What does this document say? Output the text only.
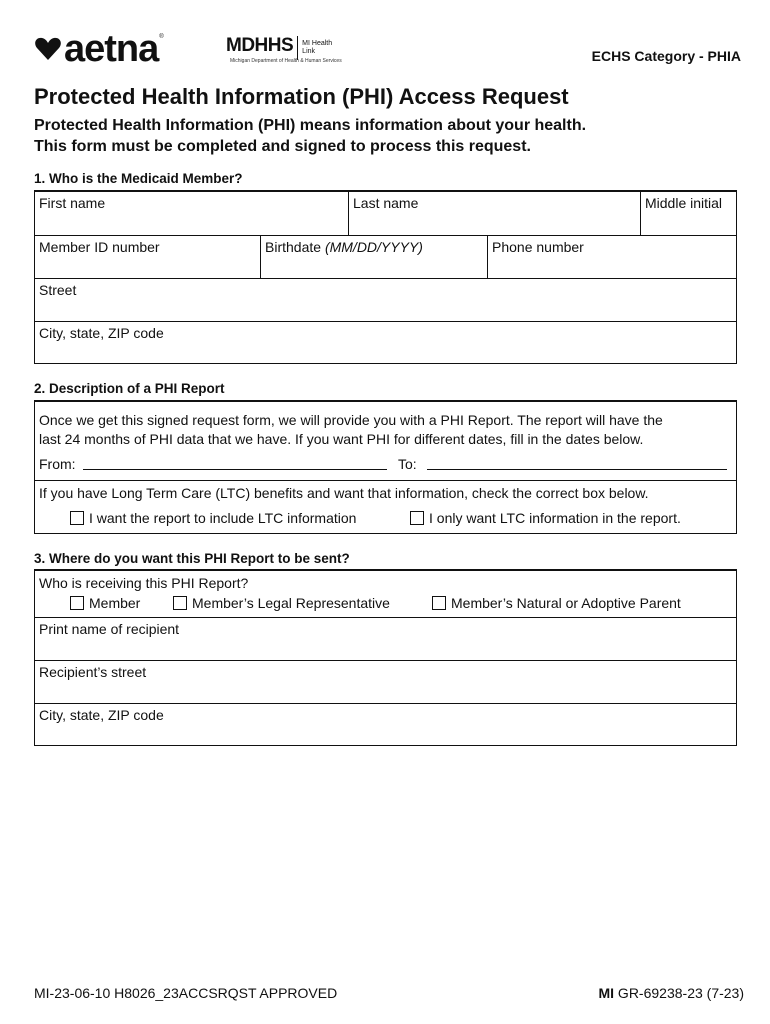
aetna ®	MDHHS
Michigan Department of Health & Human Services
MI Health Link	ECHS Category - PHIA
Protected Health Information (PHI) Access Request
Protected Health Information (PHI) means information about your health.
This form must be completed and signed to process this request.
1. Who is the Medicaid Member?
First name	Last name	Middle initial
Member ID number	Birthdate (MM/DD/YYYY)	Phone number
Street
City, state, ZIP code
2. Description of a PHI Report
Once we get this signed request form, we will provide you with a PHI Report. The report will have the
last 24 months of PHI data that we have. If you want PHI for different dates, fill in the dates below.
From:	To:
If you have Long Term Care (LTC) benefits and want that information, check the correct box below.
I want the report to include LTC information	I only want LTC information in the report.
3. Where do you want this PHI Report to be sent?
Who is receiving this PHI Report?
Member	Member’s Legal Representative	Member’s Natural or Adoptive Parent
Print name of recipient
Recipient’s street
City, state, ZIP code
MI-23-06-10 H8026_23ACCSRQST APPROVED	MI GR-69238-23 (7-23)
